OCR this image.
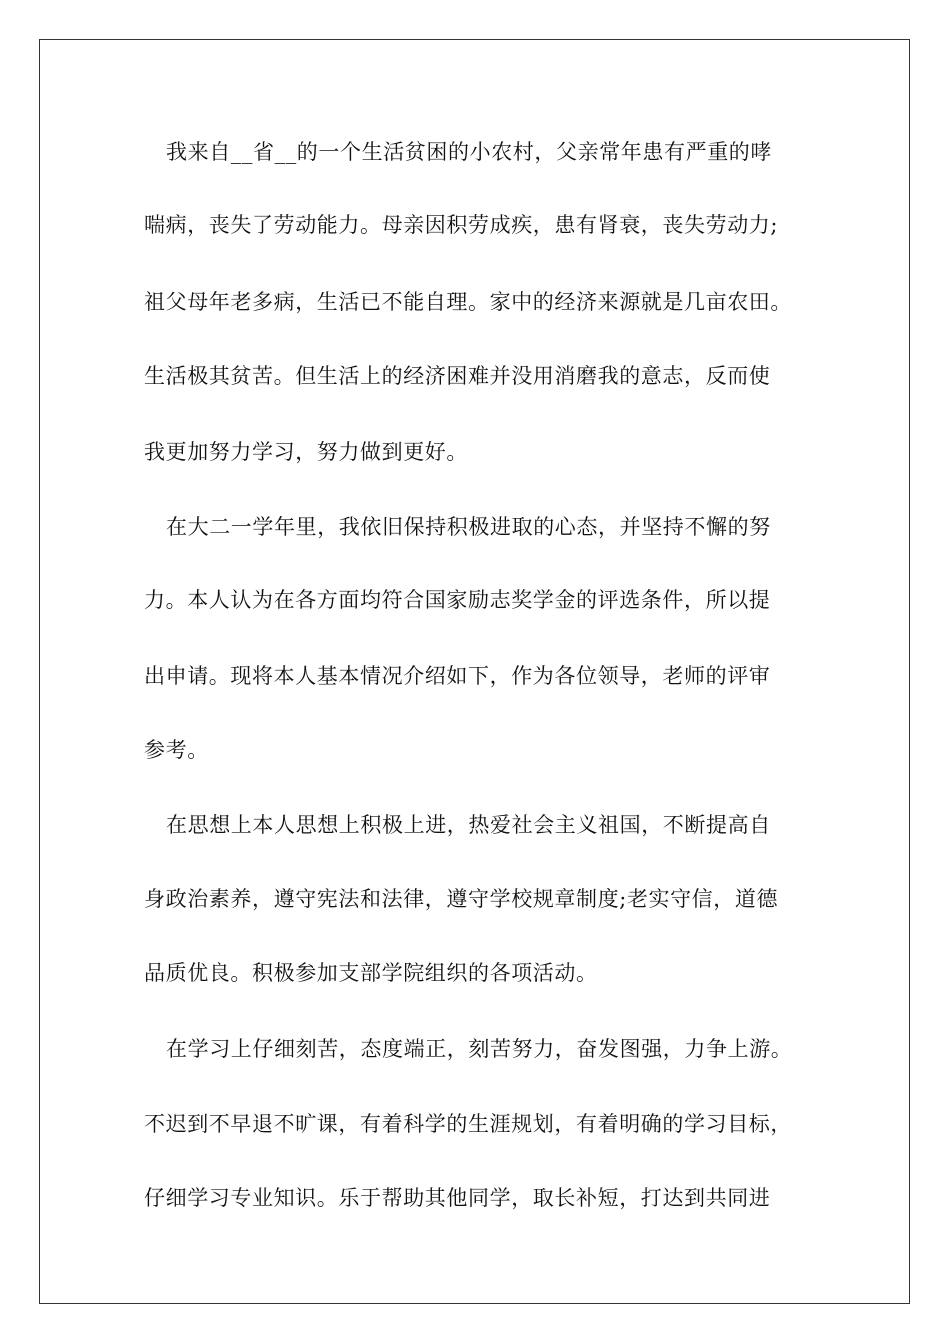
我来自__省__的一个生活贫困的小农村，父亲常年患有严重的哮
喘病，丧失了劳动能力。母亲因积劳成疾，患有肾衰，丧失劳动力;
祖父母年老多病，生活已不能自理。家中的经济来源就是几亩农田。
生活极其贫苦。但生活上的经济困难并没用消磨我的意志，反而使
我更加努力学习，努力做到更好。
在大二一学年里，我依旧保持积极进取的心态，并坚持不懈的努
力。本人认为在各方面均符合国家励志奖学金的评选条件，所以提
出申请。现将本人基本情况介绍如下，作为各位领导，老师的评审
参考。
在思想上本人思想上积极上进，热爱社会主义祖国，不断提高自
身政治素养，遵守宪法和法律，遵守学校规章制度;老实守信，道德
品质优良。积极参加支部学院组织的各项活动。
在学习上仔细刻苦，态度端正，刻苦努力，奋发图强，力争上游。
不迟到不早退不旷课，有着科学的生涯规划，有着明确的学习目标，
仔细学习专业知识。乐于帮助其他同学，取长补短，打达到共同进
